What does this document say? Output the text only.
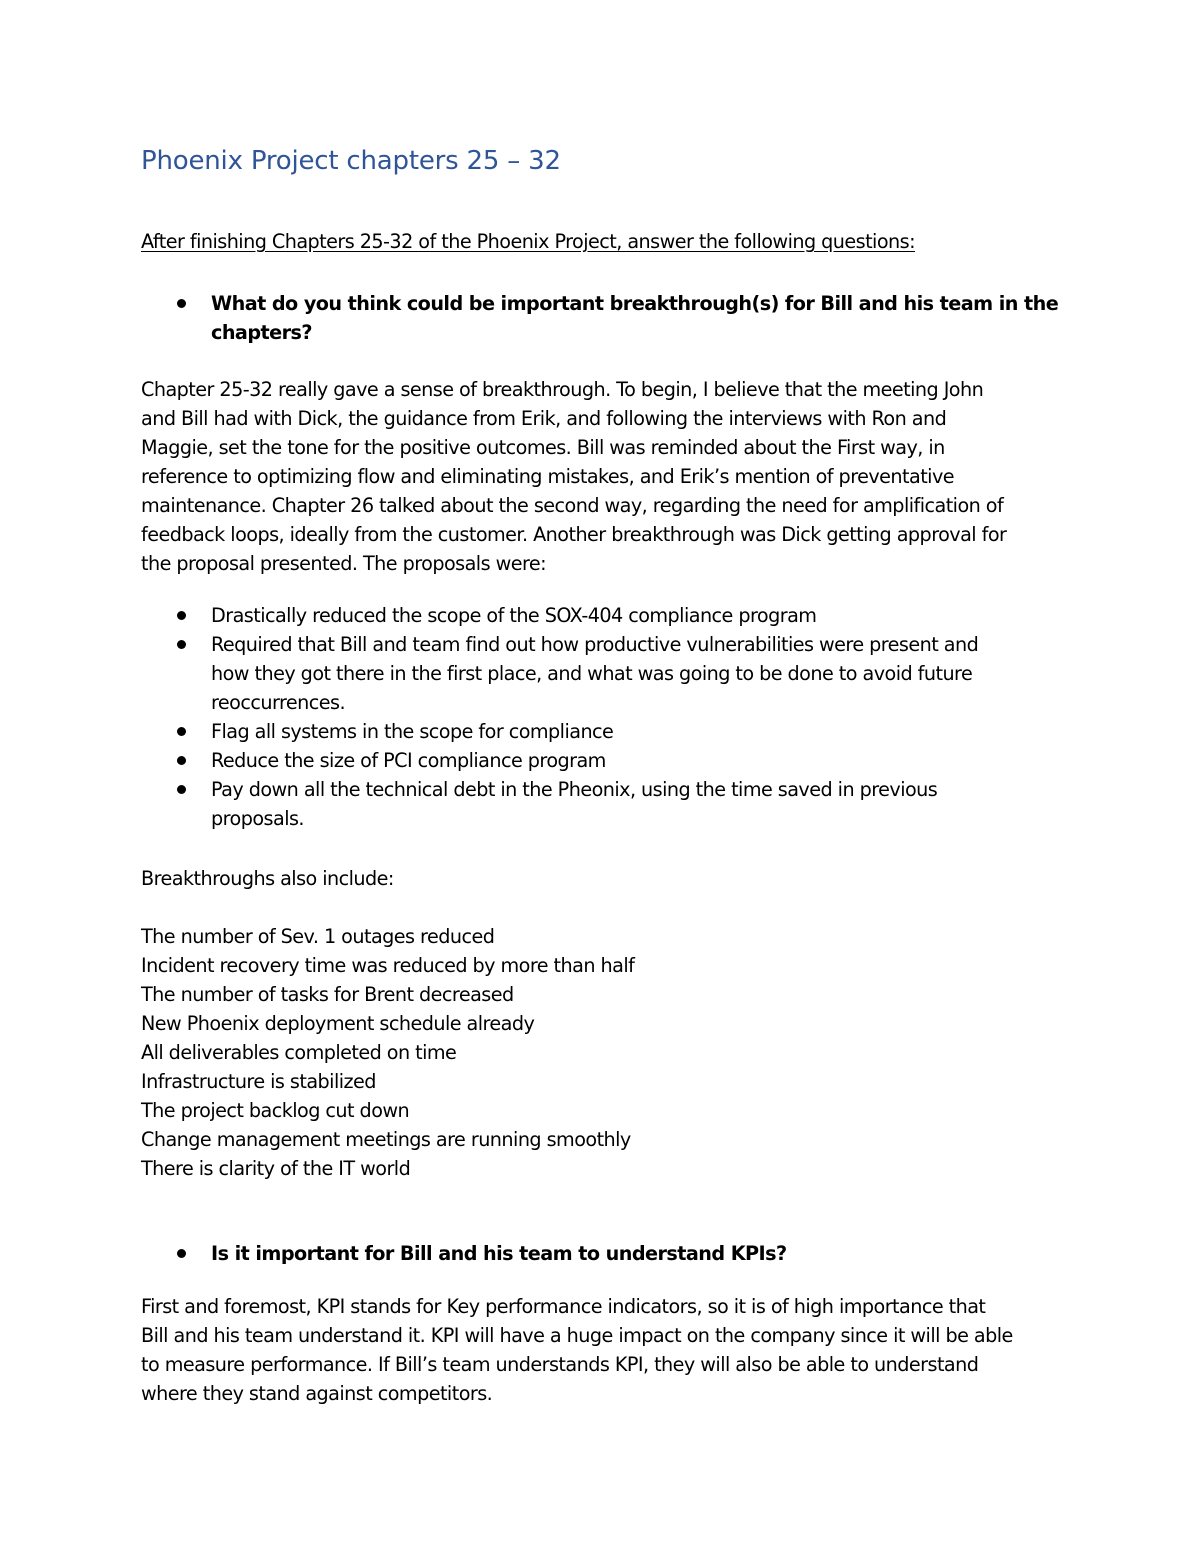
Phoenix Project chapters 25 – 32

After finishing Chapters 25-32 of the Phoenix Project, answer the following questions:

What do you think could be important breakthrough(s) for Bill and his team in the
chapters?
Chapter 25-32 really gave a sense of breakthrough. To begin, I believe that the meeting John
and Bill had with Dick, the guidance from Erik, and following the interviews with Ron and
Maggie, set the tone for the positive outcomes. Bill was reminded about the First way, in
reference to optimizing flow and eliminating mistakes, and Erik’s mention of preventative
maintenance. Chapter 26 talked about the second way, regarding the need for amplification of
feedback loops, ideally from the customer. Another breakthrough was Dick getting approval for
the proposal presented. The proposals were:
Drastically reduced the scope of the SOX-404 compliance program
Required that Bill and team find out how productive vulnerabilities were present and
how they got there in the first place, and what was going to be done to avoid future
reoccurrences.
Flag all systems in the scope for compliance
Reduce the size of PCI compliance program
Pay down all the technical debt in the Pheonix, using the time saved in previous
proposals.

Breakthroughs also include:

The number of Sev. 1 outages reduced
Incident recovery time was reduced by more than half
The number of tasks for Brent decreased
New Phoenix deployment schedule already
All deliverables completed on time
Infrastructure is stabilized
The project backlog cut down
Change management meetings are running smoothly
There is clarity of the IT world
Is it important for Bill and his team to understand KPIs?
First and foremost, KPI stands for Key performance indicators, so it is of high importance that
Bill and his team understand it. KPI will have a huge impact on the company since it will be able
to measure performance. If Bill’s team understands KPI, they will also be able to understand
where they stand against competitors.
